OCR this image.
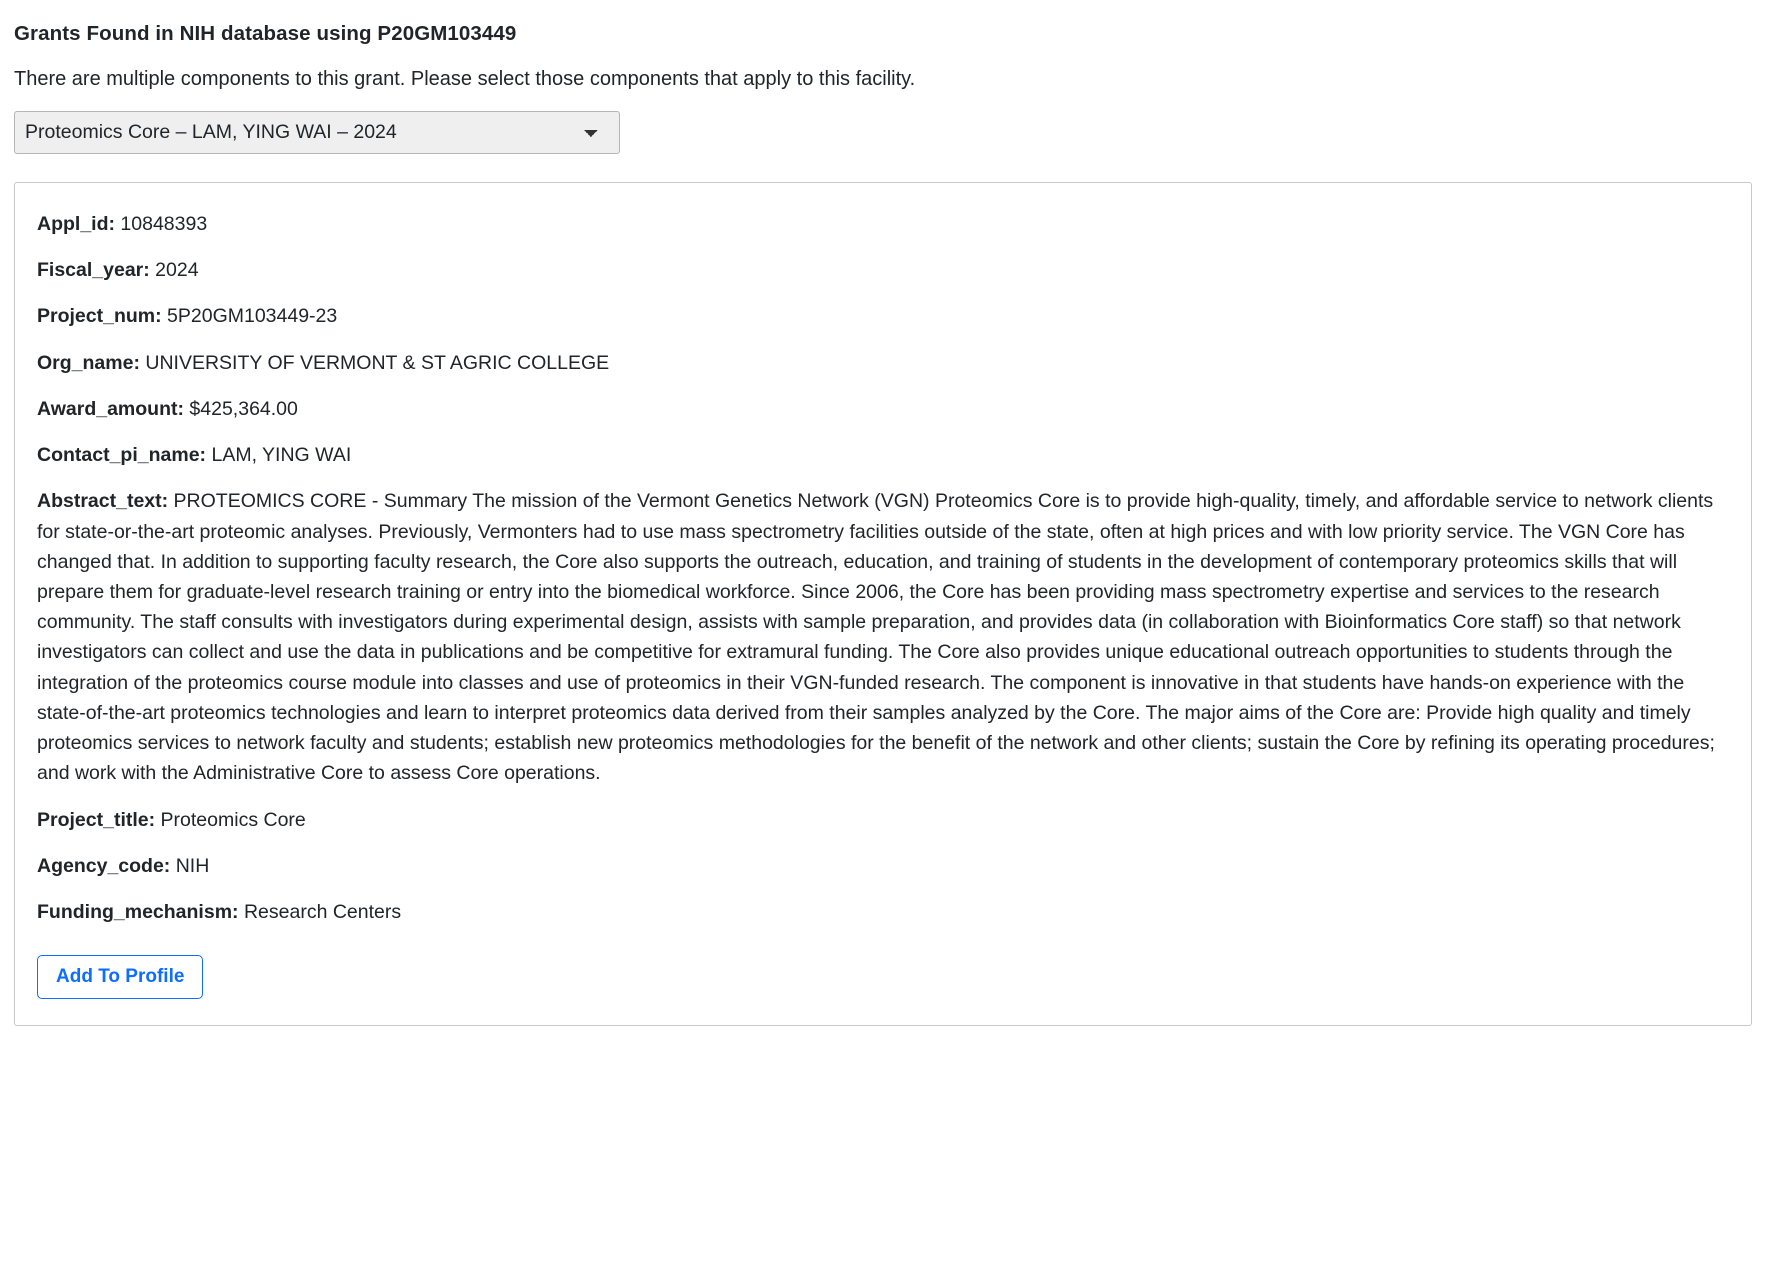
Grants Found in NIH database using P20GM103449

There are multiple components to this grant. Please select those components that apply to this facility.

Proteomics Core – LAM, YING WAI – 2024
Appl_id: 10848393
Fiscal_year: 2024
Project_num: 5P20GM103449-23
Org_name: UNIVERSITY OF VERMONT & ST AGRIC COLLEGE
Award_amount: $425,364.00
Contact_pi_name: LAM, YING WAI
Abstract_text: PROTEOMICS CORE - Summary The mission of the Vermont Genetics Network (VGN) Proteomics Core is to provide high-quality, timely, and affordable service to network clients for state-or-the-art proteomic analyses. Previously, Vermonters had to use mass spectrometry facilities outside of the state, often at high prices and with low priority service. The VGN Core has changed that. In addition to supporting faculty research, the Core also supports the outreach, education, and training of students in the development of contemporary proteomics skills that will prepare them for graduate-level research training or entry into the biomedical workforce. Since 2006, the Core has been providing mass spectrometry expertise and services to the research community. The staff consults with investigators during experimental design, assists with sample preparation, and provides data (in collaboration with Bioinformatics Core staff) so that network investigators can collect and use the data in publications and be competitive for extramural funding. The Core also provides unique educational outreach opportunities to students through the integration of the proteomics course module into classes and use of proteomics in their VGN-funded research. The component is innovative in that students have hands-on experience with the state-of-the-art proteomics technologies and learn to interpret proteomics data derived from their samples analyzed by the Core. The major aims of the Core are: Provide high quality and timely proteomics services to network faculty and students; establish new proteomics methodologies for the benefit of the network and other clients; sustain the Core by refining its operating procedures; and work with the Administrative Core to assess Core operations.
Project_title: Proteomics Core
Agency_code: NIH
Funding_mechanism: Research Centers
Add To Profile
